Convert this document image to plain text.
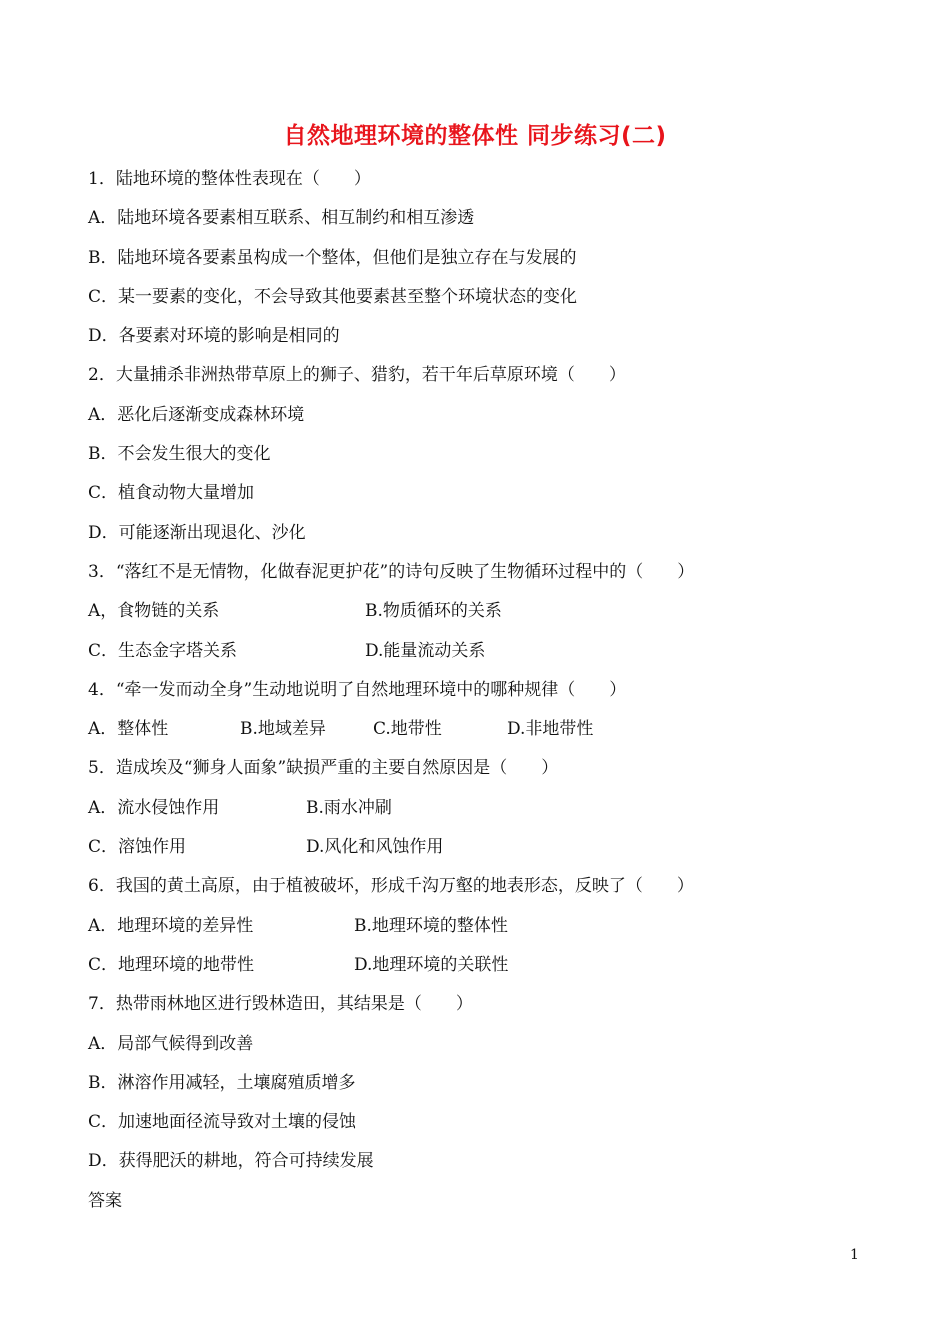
自然地理环境的整体性 同步练习(二)
1．陆地环境的整体性表现在（　　）
A．陆地环境各要素相互联系、相互制约和相互渗透
B．陆地环境各要素虽构成一个整体，但他们是独立存在与发展的
C．某一要素的变化，不会导致其他要素甚至整个环境状态的变化
D．各要素对环境的影响是相同的
2．大量捕杀非洲热带草原上的狮子、猎豹，若干年后草原环境（　　）
A．恶化后逐渐变成森林环境
B．不会发生很大的变化
C．植食动物大量增加
D．可能逐渐出现退化、沙化
3．“落红不是无情物，化做春泥更护花”的诗句反映了生物循环过程中的（　　）
A，食物链的关系	B.物质循环的关系
C．生态金字塔关系	D.能量流动关系
4．“牵一发而动全身”生动地说明了自然地理环境中的哪种规律（　　）
A．整体性	B.地域差异	C.地带性	D.非地带性
5．造成埃及“狮身人面象”缺损严重的主要自然原因是（　　）
A．流水侵蚀作用	B.雨水冲刷
C．溶蚀作用	D.风化和风蚀作用
6．我国的黄土高原，由于植被破坏，形成千沟万壑的地表形态，反映了（　　）
A．地理环境的差异性	B.地理环境的整体性
C．地理环境的地带性	D.地理环境的关联性
7．热带雨林地区进行毁林造田，其结果是（　　）
A．局部气候得到改善
B．淋溶作用减轻，土壤腐殖质增多
C．加速地面径流导致对土壤的侵蚀
D．获得肥沃的耕地，符合可持续发展
答案
1
